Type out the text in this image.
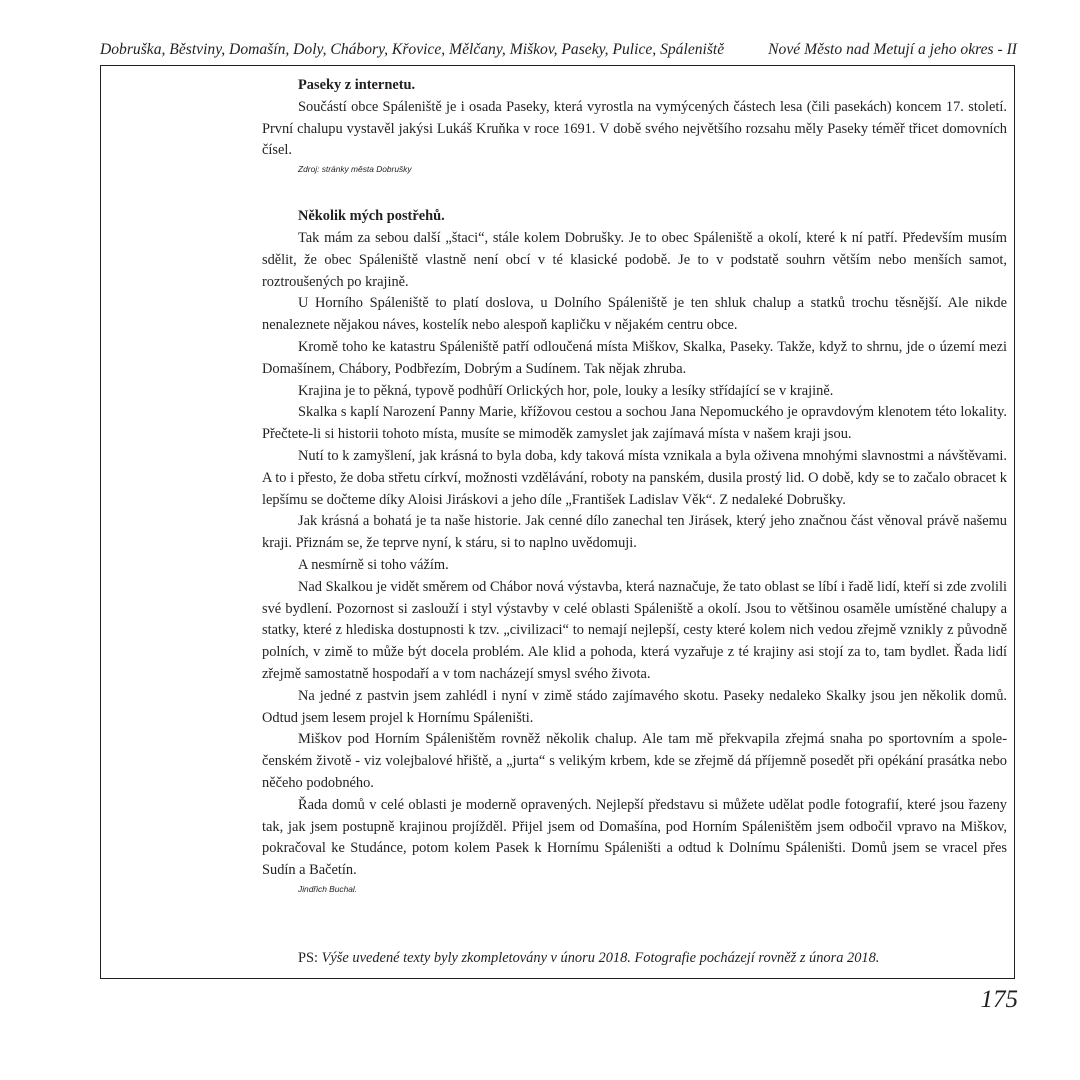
Dobruška, Běstviny, Domašín, Doly, Chábory, Křovice, Mělčany, Miškov, Paseky, Pulice, Spáleniště	Nové Město nad Metují a jeho okres - II
Paseky z internetu.

Součástí obce Spáleniště je i osada Paseky, která vyrostla na vymýcených částech lesa (čili pasekách) koncem 17. století. První chalupu vystavěl jakýsi Lukáš Kruňka v roce 1691. V době svého největšího rozsahu měly Paseky téměř třicet domovních čísel.

Zdroj: stránky města Dobrušky

Několik mých postřehů.

Tak mám za sebou další „štaci“, stále kolem Dobrušky. Je to obec Spáleniště a okolí, které k ní patří. Především musím sdělit, že obec Spáleniště vlastně není obcí v té klasické podobě. Je to v podstatě souhrn větším nebo menších samot, roztroušených po krajině.

U Horního Spáleniště to platí doslova, u Dolního Spáleniště je ten shluk chalup a statků trochu těsnější. Ale nikde nenaleznete nějakou náves, kostelík nebo alespoň kapličku v nějakém centru obce.

Kromě toho ke katastru Spáleniště patří odloučená místa Miškov, Skalka, Paseky. Takže, když to shrnu, jde o území mezi Domašínem, Chábory, Podbřezím, Dobrým a Sudínem. Tak nějak zhruba.

Krajina je to pěkná, typově podhůří Orlických hor, pole, louky a lesíky střídající se v krajině.

Skalka s kaplí Narození Panny Marie, křížovou cestou a sochou Jana Nepomuckého je opravdovým klenotem této lokality. Přečtete-li si historii tohoto místa, musíte se mimoděk zamyslet jak zajímavá místa v našem kraji jsou.

Nutí to k zamyšlení, jak krásná to byla doba, kdy taková místa vznikala a byla oživena mnohými slavnostmi a návštěvami. A to i přesto, že doba střetu církví, možnosti vzdělávání, roboty na panském, dusila prostý lid. O době, kdy se to začalo obracet k lepšímu se dočteme díky Aloisi Jiráskovi a jeho díle „František Ladislav Věk“. Z nedaleké Dobrušky.

Jak krásná a bohatá je ta naše historie. Jak cenné dílo zanechal ten Jirásek, který jeho značnou část věnoval právě našemu kraji. Přiznám se, že teprve nyní, k stáru, si to naplno uvědomuji.

A nesmírně si toho vážím.

Nad Skalkou je vidět směrem od Chábor nová výstavba, která naznačuje, že tato oblast se líbí i řadě lidí, kteří si zde zvolili své bydlení. Pozornost si zaslouží i styl výstavby v celé oblasti Spáleniště a okolí. Jsou to většinou osaměle umístěné chalupy a statky, které z hlediska dostupnosti k tzv. „civilizaci“ to nemají nejlepší, cesty které kolem nich vedou zřejmě vznikly z původně polních, v zimě to může být docela problém. Ale klid a pohoda, která vyzařuje z té krajiny asi stojí za to, tam bydlet. Řada lidí zřejmě samostatně hospodaří a v tom nacházejí smysl svého života.

Na jedné z pastvin jsem zahlédl i nyní v zimě stádo zajímavého skotu. Paseky nedaleko Skalky jsou jen několik domů. Odtud jsem lesem projel k Hornímu Spáleništi.

Miškov pod Horním Spáleništěm rovněž několik chalup. Ale tam mě překvapila zřejmá snaha po sportovním a společenském životě - viz volejbalové hřiště, a „jurta“ s velikým krbem, kde se zřejmě dá příjemně posedět při opékání prasátka nebo něčeho podobného.

Řada domů v celé oblasti je moderně opravených. Nejlepší představu si můžete udělat podle fotografií, které jsou řazeny tak, jak jsem postupně krajinou projížděl. Přijel jsem od Domašína, pod Horním Spáleništěm jsem odbočil vpravo na Miškov, pokračoval ke Studánce, potom kolem Pasek k Hornímu Spáleništi a odtud k Dolnímu Spáleništi. Domů jsem se vracel přes Sudín a Bačetín.

Jindřich Buchal.

PS: Výše uvedené texty byly zkompletovány v únoru 2018. Fotografie pocházejí rovněž z února 2018.
175
